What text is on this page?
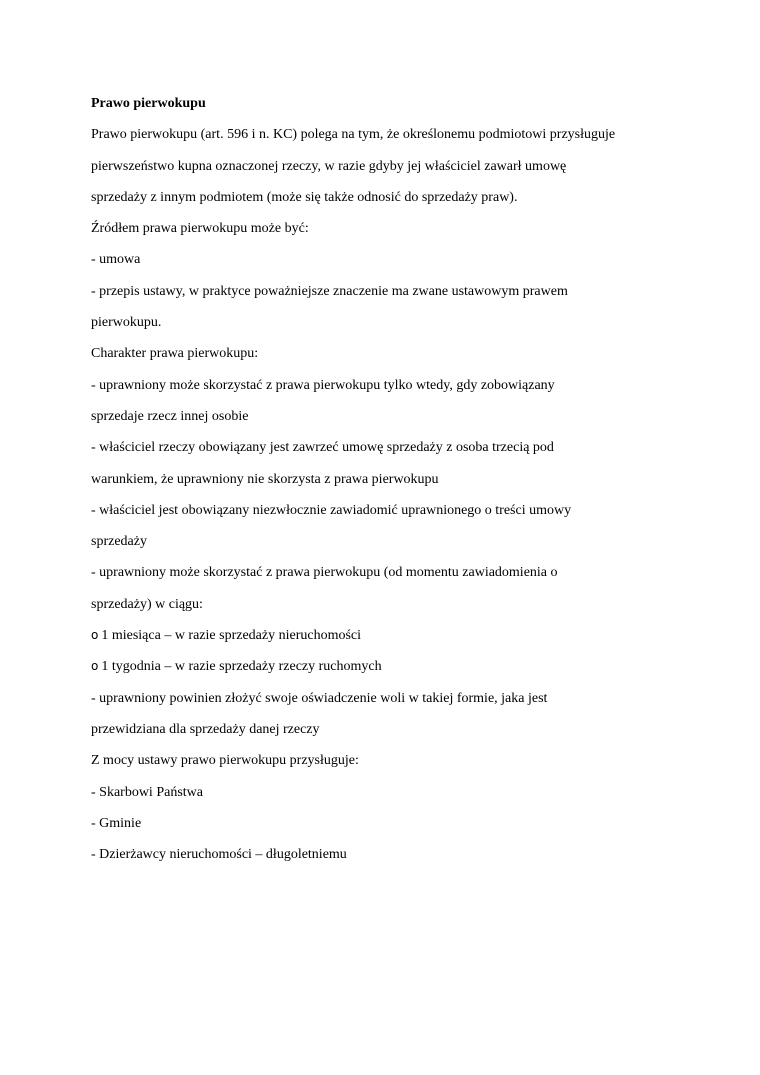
Prawo pierwokupu
Prawo pierwokupu (art. 596 i n. KC) polega na tym, że określonemu podmiotowi przysługuje
pierwszeństwo kupna oznaczonej rzeczy, w razie gdyby jej właściciel zawarł umowę
sprzedaży z innym podmiotem (może się także odnosić do sprzedaży praw).
Źródłem prawa pierwokupu może być:
- umowa
- przepis ustawy, w praktyce poważniejsze znaczenie ma zwane ustawowym prawem
pierwokupu.
Charakter prawa pierwokupu:
- uprawniony może skorzystać z prawa pierwokupu tylko wtedy, gdy zobowiązany
sprzedaje rzecz innej osobie
- właściciel rzeczy obowiązany jest zawrzeć umowę sprzedaży z osoba trzecią pod
warunkiem, że uprawniony nie skorzysta z prawa pierwokupu
- właściciel jest obowiązany niezwłocznie zawiadomić uprawnionego o treści umowy
sprzedaży
- uprawniony może skorzystać z prawa pierwokupu (od momentu zawiadomienia o
sprzedaży) w ciągu:
o 1 miesiąca – w razie sprzedaży nieruchomości
o 1 tygodnia – w razie sprzedaży rzeczy ruchomych
- uprawniony powinien złożyć swoje oświadczenie woli w takiej formie, jaka jest
przewidziana dla sprzedaży danej rzeczy
Z mocy ustawy prawo pierwokupu przysługuje:
- Skarbowi Państwa
- Gminie
- Dzierżawcy nieruchomości – długoletniemu
